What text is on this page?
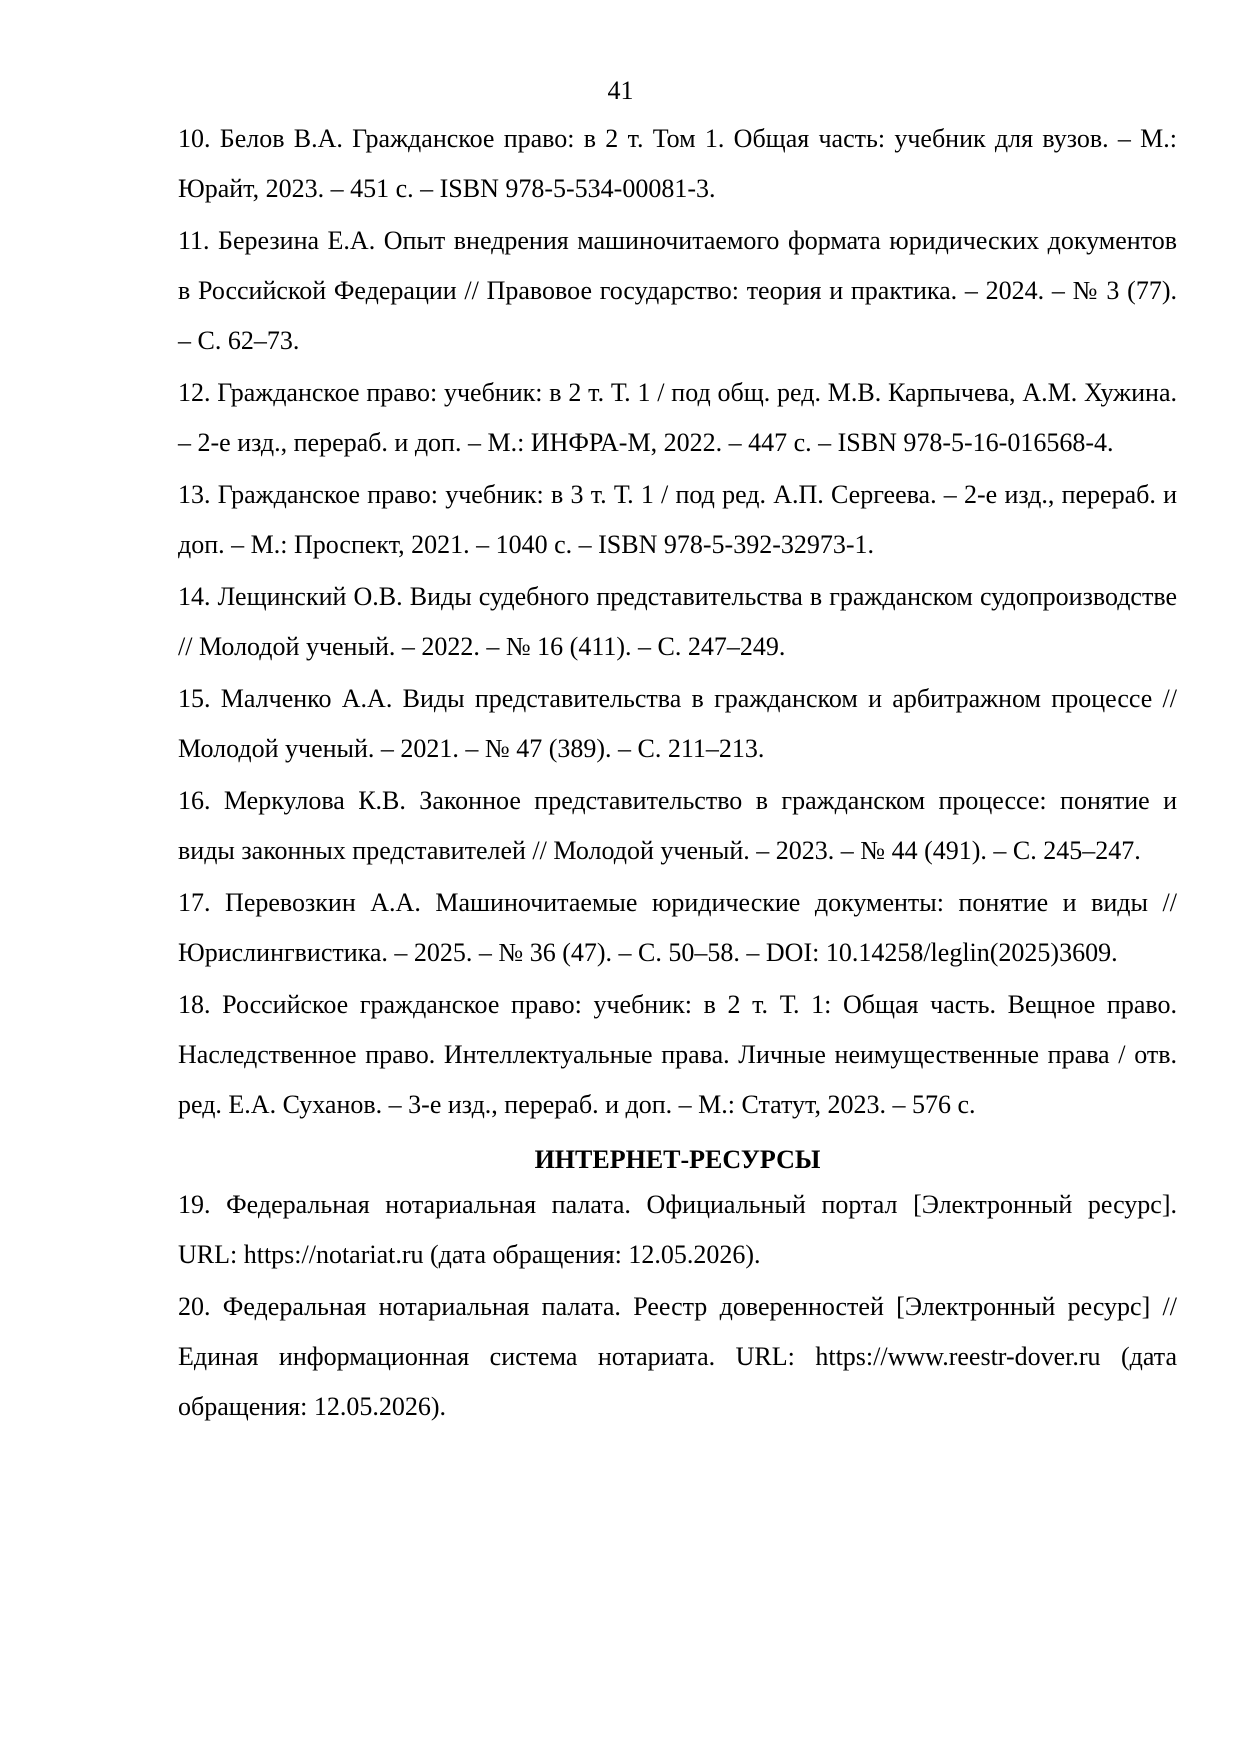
41

10. Белов В.А. Гражданское право: в 2 т. Том 1. Общая часть: учебник для вузов. – М.: Юрайт, 2023. – 451 с. – ISBN 978-5-534-00081-3.

11. Березина Е.А. Опыт внедрения машиночитаемого формата юридических документов в Российской Федерации // Правовое государство: теория и практика. – 2024. – № 3 (77). – С. 62–73.

12. Гражданское право: учебник: в 2 т. Т. 1 / под общ. ред. М.В. Карпычева, А.М. Хужина. – 2-е изд., перераб. и доп. – М.: ИНФРА-М, 2022. – 447 с. – ISBN 978-5-16-016568-4.

13. Гражданское право: учебник: в 3 т. Т. 1 / под ред. А.П. Сергеева. – 2-е изд., перераб. и доп. – М.: Проспект, 2021. – 1040 с. – ISBN 978-5-392-32973-1.

14. Лещинский О.В. Виды судебного представительства в гражданском судопроизводстве // Молодой ученый. – 2022. – № 16 (411). – С. 247–249.

15. Малченко А.А. Виды представительства в гражданском и арбитражном процессе // Молодой ученый. – 2021. – № 47 (389). – С. 211–213.

16. Меркулова К.В. Законное представительство в гражданском процессе: понятие и виды законных представителей // Молодой ученый. – 2023. – № 44 (491). – С. 245–247.

17. Перевозкин А.А. Машиночитаемые юридические документы: понятие и виды // Юрислингвистика. – 2025. – № 36 (47). – С. 50–58. – DOI: 10.14258/leglin(2025)3609.

18. Российское гражданское право: учебник: в 2 т. Т. 1: Общая часть. Вещное право. Наследственное право. Интеллектуальные права. Личные неимущественные права / отв. ред. Е.А. Суханов. – 3-е изд., перераб. и доп. – М.: Статут, 2023. – 576 с.

ИНТЕРНЕТ-РЕСУРСЫ

19. Федеральная нотариальная палата. Официальный портал [Электронный ресурс]. URL: https://notariat.ru (дата обращения: 12.05.2026).

20. Федеральная нотариальная палата. Реестр доверенностей [Электронный ресурс] // Единая информационная система нотариата. URL: https://www.reestr-dover.ru (дата обращения: 12.05.2026).
